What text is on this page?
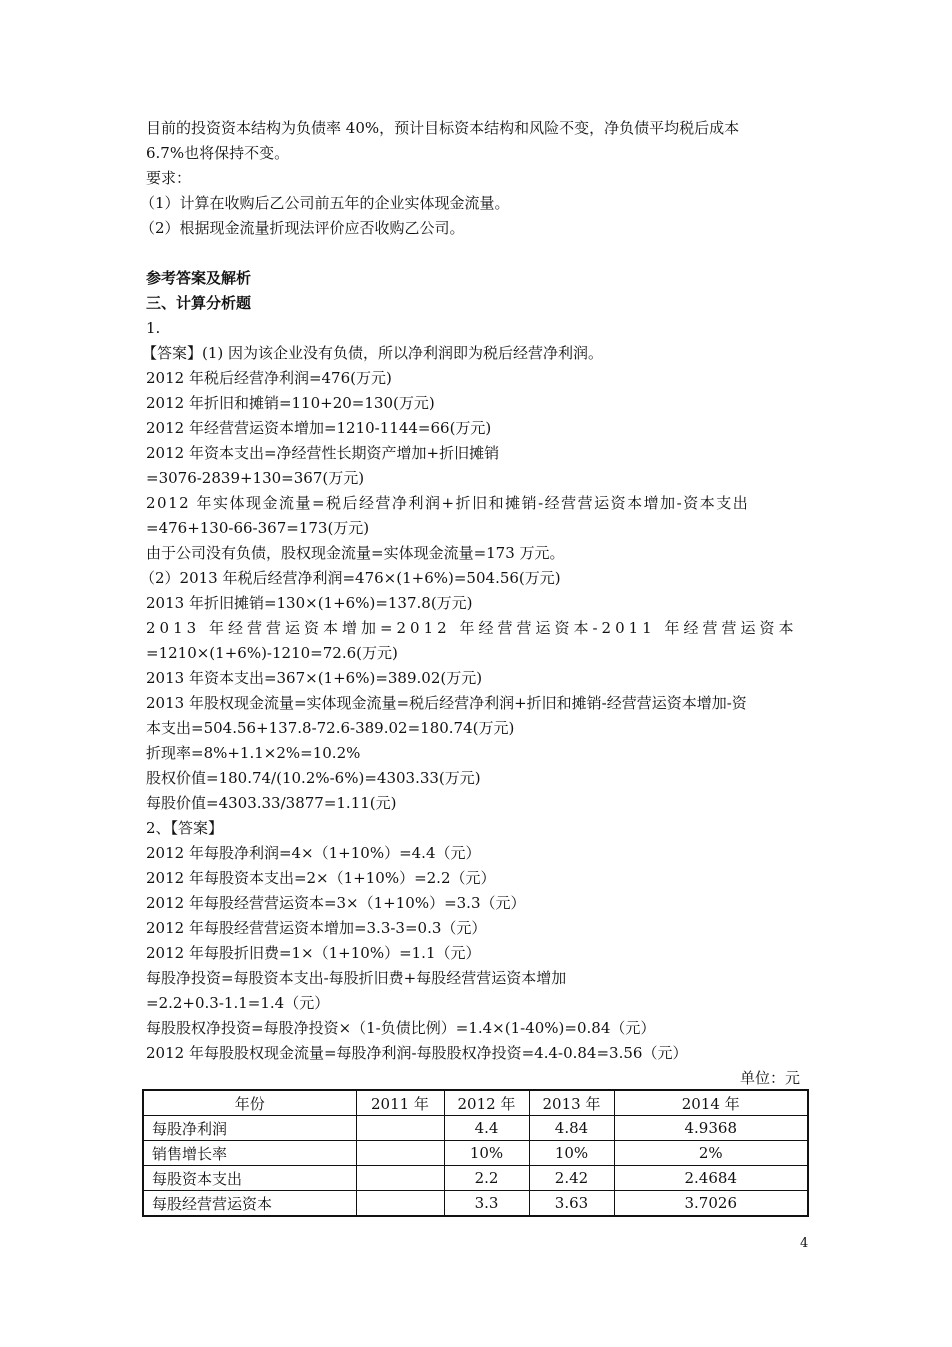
目前的投资资本结构为负债率 40%，预计目标资本结构和风险不变，净负债平均税后成本
6.7%也将保持不变。
要求：
（1）计算在收购后乙公司前五年的企业实体现金流量。
（2）根据现金流量折现法评价应否收购乙公司。
参考答案及解析
三、计算分析题
1.
【答案】(1) 因为该企业没有负债，所以净利润即为税后经营净利润。
2012 年税后经营净利润=476(万元)
2012 年折旧和摊销=110+20=130(万元)
2012 年经营营运资本增加=1210-1144=66(万元)
2012 年资本支出=净经营性长期资产增加+折旧摊销
=3076-2839+130=367(万元)
2012 年实体现金流量=税后经营净利润+折旧和摊销-经营营运资本增加-资本支出
=476+130-66-367=173(万元)
由于公司没有负债，股权现金流量=实体现金流量=173 万元。
（2）2013 年税后经营净利润=476×(1+6%)=504.56(万元)
2013 年折旧摊销=130×(1+6%)=137.8(万元)
2013 年经营营运资本增加=2012 年经营营运资本-2011 年经营营运资本
=1210×(1+6%)-1210=72.6(万元)
2013 年资本支出=367×(1+6%)=389.02(万元)
2013 年股权现金流量=实体现金流量=税后经营净利润+折旧和摊销-经营营运资本增加-资
本支出=504.56+137.8-72.6-389.02=180.74(万元)
折现率=8%+1.1×2%=10.2%
股权价值=180.74/(10.2%-6%)=4303.33(万元)
每股价值=4303.33/3877=1.11(元)
2、【答案】
2012 年每股净利润=4×（1+10%）=4.4（元）
2012 年每股资本支出=2×（1+10%）=2.2（元）
2012 年每股经营营运资本=3×（1+10%）=3.3（元）
2012 年每股经营营运资本增加=3.3-3=0.3（元）
2012 年每股折旧费=1×（1+10%）=1.1（元）
每股净投资=每股资本支出-每股折旧费+每股经营营运资本增加
=2.2+0.3-1.1=1.4（元）
每股股权净投资=每股净投资×（1-负债比例）=1.4×(1-40%)=0.84（元）
2012 年每股股权现金流量=每股净利润-每股股权净投资=4.4-0.84=3.56（元）
单位：元
年份	2011 年	2012 年	2013 年	2014 年
每股净利润		4.4	4.84	4.9368
销售增长率		10%	10%	2%
每股资本支出		2.2	2.42	2.4684
每股经营营运资本		3.3	3.63	3.7026
4
